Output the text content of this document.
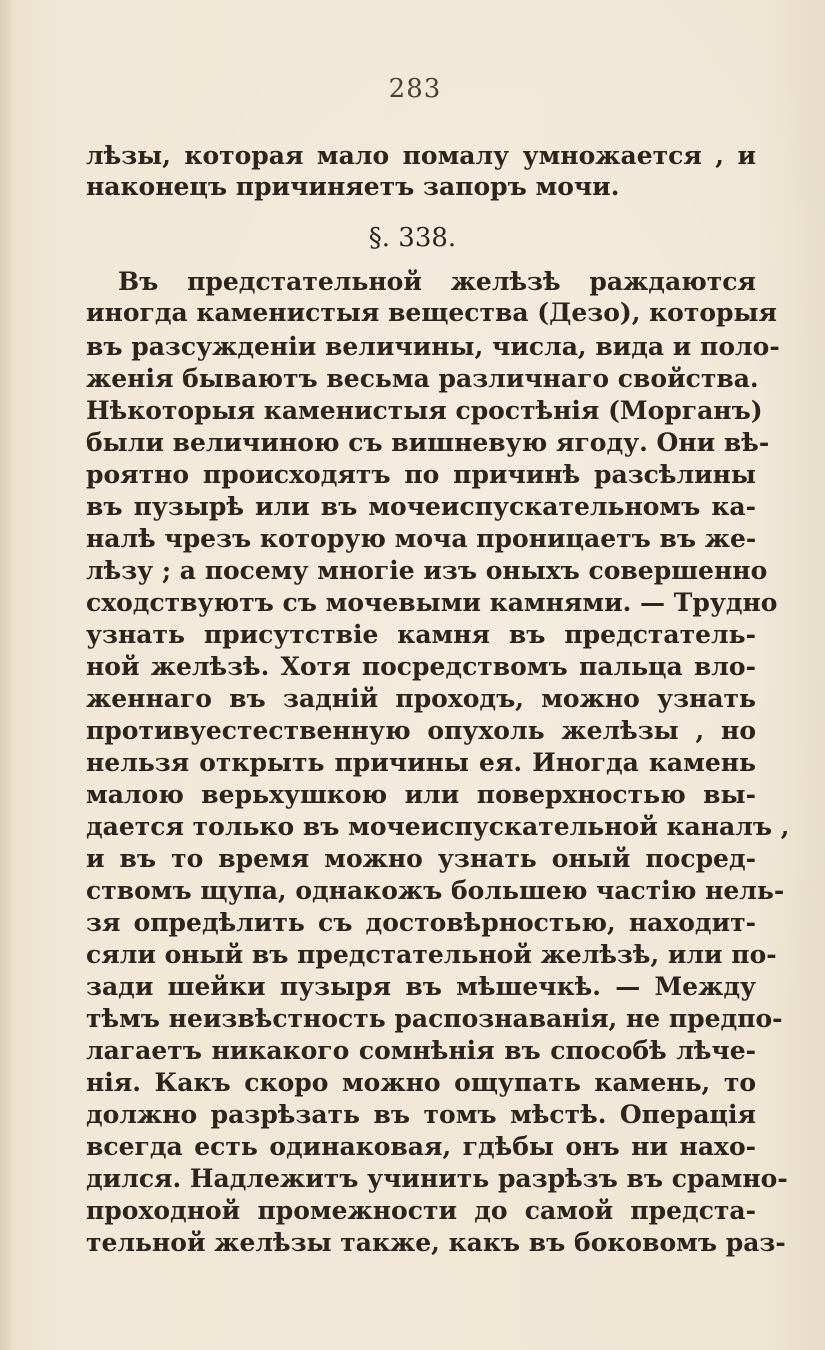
283
лѣзы, которая мало помалу умножается , и
наконецъ причиняетъ запоръ мочи.
§. 338.
Въ предстательной желѣзѣ раждаются
иногда каменистыя вещества (Дезо), которыя
въ разсужденіи величины, числа, вида и поло-
женія бываютъ весьма различнаго свойства.
Нѣкоторыя каменистыя сростѣнія (Морганъ)
были величиною съ вишневую ягоду. Они вѣ-
роятно происходятъ по причинѣ разсѣлины
въ пузырѣ или въ мочеиспускательномъ ка-
налѣ чрезъ которую моча проницаетъ въ же-
лѣзу ; а посему многіе изъ оныхъ совершенно
сходствуютъ съ мочевыми камнями. — Трудно
узнать присутствіе камня въ предстатель-
ной желѣзѣ. Хотя посредствомъ пальца вло-
женнаго въ задній проходъ, можно узнать
противуестественную опухоль желѣзы , но
нельзя открыть причины ея. Иногда камень
малою верьхушкою или поверхностью вы-
дается только въ мочеиспускательной каналъ ,
и въ то время можно узнать оный посред-
ствомъ щупа, однакожъ большею частію нель-
зя опредѣлить съ достовѣрностью, находит-
сяли оный въ предстательной желѣзѣ, или по-
зади шейки пузыря въ мѣшечкѣ. — Между
тѣмъ неизвѣстность распознаванія, не предпо-
лагаетъ никакого сомнѣнія въ способѣ лѣче-
нія. Какъ скоро можно ощупать камень, то
должно разрѣзать въ томъ мѣстѣ. Операція
всегда есть одинаковая, гдѣбы онъ ни нахо-
дился. Надлежитъ учинить разрѣзъ въ срамно-
проходной промежности до самой предста-
тельной желѣзы также, какъ въ боковомъ раз-
